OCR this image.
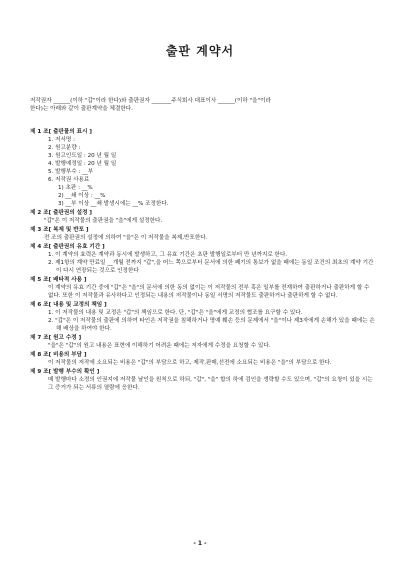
출판 계약서
저작권자 ______(이하 "갑"이라 한다)와 출판권자 _______주식회사 대표이사 ______(이하 "을"이라
한다)는 아래와 같이 출판계약을 체결한다.
제 1 조[ 출판물의 표시 ]
1. 저서명 :
2. 원고분량 :
3. 원고인도일 : 20 년 월 일
4. 발행예정일 : 20 년 월 일
5. 발행부수 : __부
6. 저작권 사용료
1) 초판 : __%
2) __쇄 이상 : __%
3) __부 이상 __쇄 발생시에는 __% 조정한다.
제 2 조[ 출판권의 설정 ]
"갑"은 이 저작물의 출판권을 "을"에게 설정한다.
제 3 조[ 복제 및 반포 ]
전 조의 출판권의 설정에 의하여 "을"은 이 저작물을 복제,반포한다.
제 4 조[ 출판권의 유효 기간 ]
1. 이 계약의 효력은 계약과 동시에 발생하고, 그 유효 기간은 초판 발행일로부터 만 년까지로 한다.
2. 제1항의 계약 만료일 __개월 전까지 "갑",을 어느 쪽으로부터 문서에 의한 폐기의 통보가 없을 때에는 동일 조건의 최초의 계약 기간이 다시 연장되는 것으로 인정한다
제 5 조[ 배타적 사용 ]
이 계약의 유효 기간 중에 "갑"은 "을"의 문서에 의한 동의 없이는 이 저작물의 전부 혹은 일부를 전재하여 출판하거나 출판하게 할 수 없다. 또한 이 저작물과 유사하다고 인정되는 내용의 저작물이나 동일 서명의 저작물도 출판하거나 출판하게 할 수 없다.
제 6 조[ 내용 및 교정의 책임 ]
1. 이 저작물의 내용 및 교정은 "갑"의 책임으로 한다. 단, "갑"은 "을"에게 교정의 협조를 요구할 수 있다.
2. "갑"은 이 저작물의 출판에 의하여 타인은 저작권을 침해하거나 명예 훼손 등의 문제에서 "을"이나 제3자에게 손해가 있을 때에는 손해 배상을 하여야 한다.
제 7 조[ 원고 수정 ]
"을"은 "갑"의 원고 내용은 표현에 이해하기 어려운 때에는 저자에게 수정을 요청할 수 있다.
제 8 조[ 비용의 부담 ]
이 저작물의 저작에 소요되는 비용은 "갑"의 부담으로 하고, 제작,판매,선전에 소요되는 비용은 "을"의 부담으로 한다.
제 9 조[ 발행 부수의 확인 ]
매 발행마다 소정의 인권지에 저작물 날인을 원칙으로 하되, "갑", "을" 합의 하에 검인을 생략할 수도 있으며, "갑"의 요청이 있을 시는 그 증거가 되는 서류의 열람에 응한다.
- 1 -
